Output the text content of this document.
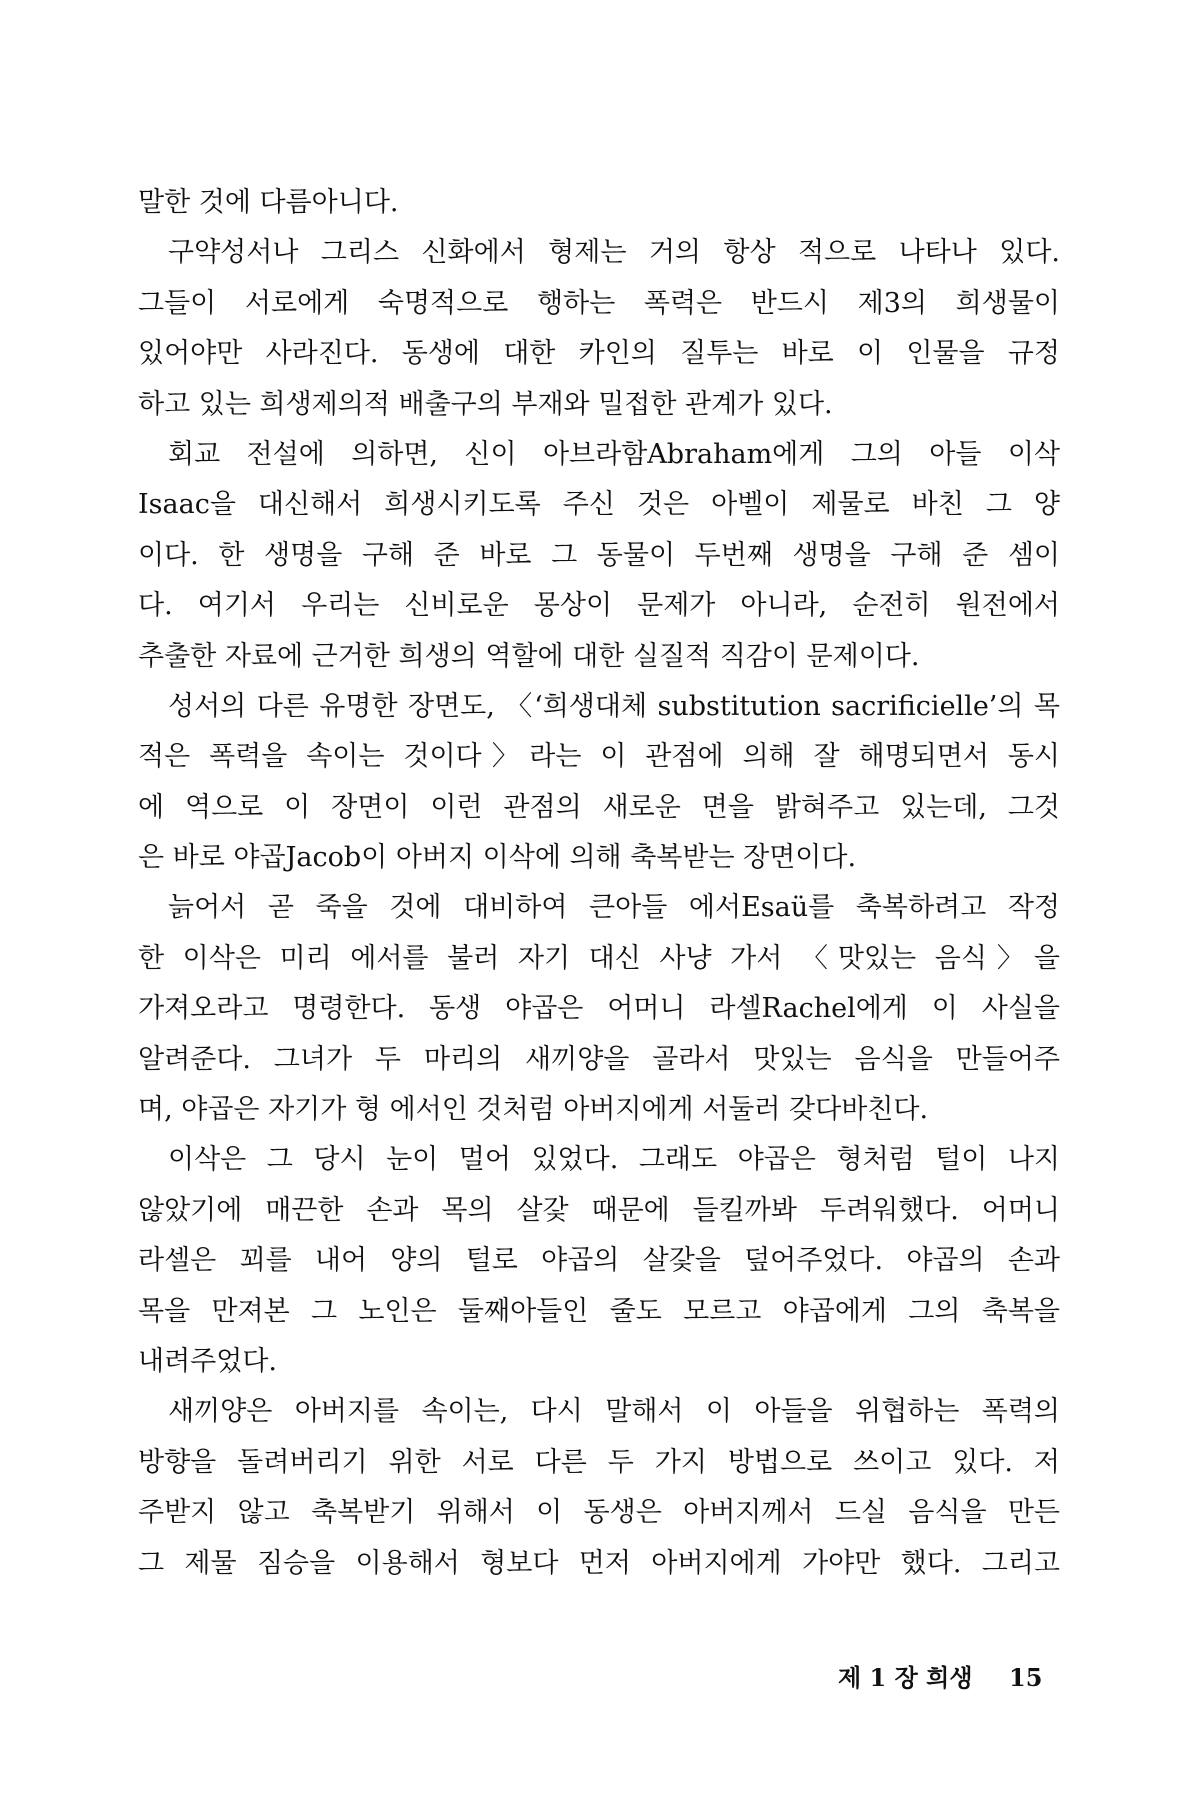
말한 것에 다름아니다.
구약성서나 그리스 신화에서 형제는 거의 항상 적으로 나타나 있다.
그들이 서로에게 숙명적으로 행하는 폭력은 반드시 제3의 희생물이
있어야만 사라진다. 동생에 대한 카인의 질투는 바로 이 인물을 규정
하고 있는 희생제의적 배출구의 부재와 밀접한 관계가 있다.
회교 전설에 의하면, 신이 아브라함Abraham에게 그의 아들 이삭
Isaac을 대신해서 희생시키도록 주신 것은 아벨이 제물로 바친 그 양
이다. 한 생명을 구해 준 바로 그 동물이 두번째 생명을 구해 준 셈이
다. 여기서 우리는 신비로운 몽상이 문제가 아니라, 순전히 원전에서
추출한 자료에 근거한 희생의 역할에 대한 실질적 직감이 문제이다.
성서의 다른 유명한 장면도, 〈‘희생대체 substitution sacrificielle’의 목
적은 폭력을 속이는 것이다〉라는 이 관점에 의해 잘 해명되면서 동시
에 역으로 이 장면이 이런 관점의 새로운 면을 밝혀주고 있는데, 그것
은 바로 야곱Jacob이 아버지 이삭에 의해 축복받는 장면이다.
늙어서 곧 죽을 것에 대비하여 큰아들 에서Esaü를 축복하려고 작정
한 이삭은 미리 에서를 불러 자기 대신 사냥 가서 〈맛있는 음식〉을
가져오라고 명령한다. 동생 야곱은 어머니 라셀Rachel에게 이 사실을
알려준다. 그녀가 두 마리의 새끼양을 골라서 맛있는 음식을 만들어주
며, 야곱은 자기가 형 에서인 것처럼 아버지에게 서둘러 갖다바친다.
이삭은 그 당시 눈이 멀어 있었다. 그래도 야곱은 형처럼 털이 나지
않았기에 매끈한 손과 목의 살갗 때문에 들킬까봐 두려워했다. 어머니
라셀은 꾀를 내어 양의 털로 야곱의 살갗을 덮어주었다. 야곱의 손과
목을 만져본 그 노인은 둘째아들인 줄도 모르고 야곱에게 그의 축복을
내려주었다.
새끼양은 아버지를 속이는, 다시 말해서 이 아들을 위협하는 폭력의
방향을 돌려버리기 위한 서로 다른 두 가지 방법으로 쓰이고 있다. 저
주받지 않고 축복받기 위해서 이 동생은 아버지께서 드실 음식을 만든
그 제물 짐승을 이용해서 형보다 먼저 아버지에게 가야만 했다. 그리고
제 1 장 희생 15
